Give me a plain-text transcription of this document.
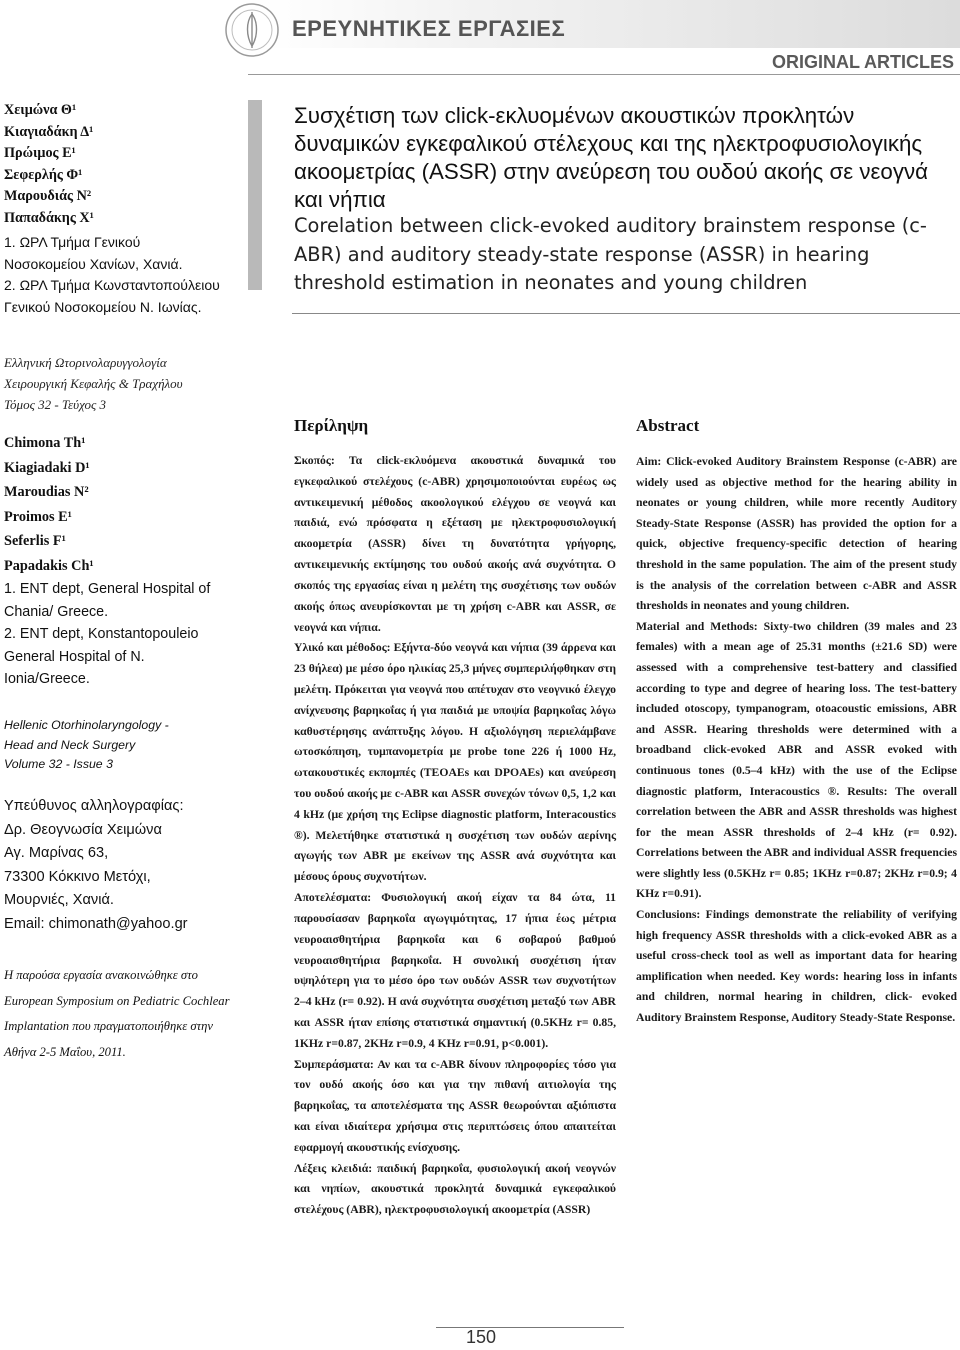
ΕΡΕΥΝΗΤΙΚΕΣ ΕΡΓΑΣΙΕΣ
ORIGINAL ARTICLES
Χειμώνα Θ¹
Κιαγιαδάκη Δ¹
Πρώιμος Ε¹
Σεφερλής Φ¹
Μαρουδιάς Ν²
Παπαδάκης Χ¹
1. ΩΡΛ Τμήμα Γενικού
Νοσοκομείου Χανίων, Χανιά.
2. ΩΡΛ Τμήμα Κωνσταντοπούλειου
Γενικού Νοσοκομείου Ν. Ιωνίας.
Ελληνική Ωτορινολαρυγγολογία
Χειρουργική Κεφαλής & Τραχήλου
Τόμος 32 - Τεύχος 3
Chimona Th¹
Kiagiadaki D¹
Maroudias N²
Proimos E¹
Seferlis F¹
Papadakis Ch¹
1. ENT dept, General Hospital of
Chania/ Greece.
2. ENT dept, Konstantopouleio
General Hospital of N.
Ionia/Greece.
Hellenic Otorhinolaryngology -
Head and Neck Surgery
Volume 32 - Issue 3
Υπεύθυνος αλληλογραφίας:
Δρ. Θεογνωσία Χειμώνα
Αγ. Μαρίνας 63,
73300 Κόκκινο Μετόχι,
Μουρνιές, Χανιά.
Email: chimonath@yahoo.gr
Η παρούσα εργασία ανακοινώθηκε στο
European Symposium on Pediatric Cochlear
Implantation που πραγματοποιήθηκε στην
Αθήνα 2-5 Μαΐου, 2011.
Συσχέτιση των click-εκλυομένων ακουστικών προκλητών δυναμικών εγκεφαλικού στέλεχους και της ηλεκτροφυσιολογικής ακοομετρίας (ASSR) στην ανεύρεση του ουδού ακοής σε νεογνά και νήπια
Corelation between click-evoked auditory brainstem response (c-ABR) and auditory steady-state response (ASSR) in hearing threshold estimation in neonates and young children
Περίληψη	Abstract

Σκοπός: Τα click-εκλυόμενα ακουστικά δυναμικά του εγκεφαλικού στελέχους (c-ABR) χρησιμοποιούνται ευρέως ως αντικειμενική μέθοδος ακοολογικού ελέγχου σε νεογνά και παιδιά, ενώ πρόσφατα η εξέταση με ηλεκτροφυσιολογική ακοομετρία (ASSR) δίνει τη δυνατότητα γρήγορης, αντικειμενικής εκτίμησης του ουδού ακοής ανά συχνότητα. Ο σκοπός της εργασίας είναι η μελέτη της συσχέτισης των ουδών ακοής όπως ανευρίσκονται με τη χρήση c-ABR και ASSR, σε νεογνά και νήπια.

Υλικό και μέθοδος: Εξήντα-δύο νεογνά και νήπια (39 άρρενα και 23 θήλεα) με μέσο όρο ηλικίας 25,3 μήνες συμπεριλήφθηκαν στη μελέτη. Πρόκειται για νεογνά που απέτυχαν στο νεογνικό έλεγχο ανίχνευσης βαρηκοΐας ή για παιδιά με υποψία βαρηκοΐας λόγω καθυστέρησης ανάπτυξης λόγου. Η αξιολόγηση περιελάμβανε ωτοσκόπηση, τυμπανομετρία με probe tone 226 ή 1000 Hz, ωτακουστικές εκπομπές (TEOAEs και DPOAEs) και ανεύρεση του ουδού ακοής με c-ABR και ASSR συνεχών τόνων 0,5, 1,2 και 4 kHz (με χρήση της Eclipse diagnostic platform, Interacoustics ®). Μελετήθηκε στατιστικά η συσχέτιση των ουδών αερίνης αγωγής των ABR με εκείνων της ASSR ανά συχνότητα και μέσους όρους συχνοτήτων.

Αποτελέσματα: Φυσιολογική ακοή είχαν τα 84 ώτα, 11 παρουσίασαν βαρηκοΐα αγωγιμότητας, 17 ήπια έως μέτρια νευροαισθητήρια βαρηκοΐα και 6 σοβαρού βαθμού νευροαισθητήρια βαρηκοΐα. Η συνολική συσχέτιση ήταν υψηλότερη για το μέσο όρο των ουδών ASSR των συχνοτήτων 2–4 kHz (r= 0.92). Η ανά συχνότητα συσχέτιση μεταξύ των ABR και ASSR ήταν επίσης στατιστικά σημαντική (0.5KHz r= 0.85, 1KHz r=0.87, 2KHz r=0.9, 4 KHz r=0.91, p<0.001).

Συμπεράσματα: Αν και τα c-ABR δίνουν πληροφορίες τόσο για τον ουδό ακοής όσο και για την πιθανή αιτιολογία της βαρηκοΐας, τα αποτελέσματα της ASSR θεωρούνται αξιόπιστα και είναι ιδιαίτερα χρήσιμα στις περιπτώσεις όπου απαιτείται εφαρμογή ακουστικής ενίσχυσης.

Λέξεις κλειδιά: παιδική βαρηκοΐα, φυσιολογική ακοή νεογνών και νηπίων, ακουστικά προκλητά δυναμικά εγκεφαλικού στελέχους (ABR), ηλεκτροφυσιολογική ακοομετρία (ASSR)

Aim: Click-evoked Auditory Brainstem Response (c-ABR) are widely used as objective method for the hearing ability in neonates or young children, while more recently Auditory Steady-State Response (ASSR) has provided the option for a quick, objective frequency-specific detection of hearing threshold in the same population. The aim of the present study is the analysis of the correlation between c-ABR and ASSR thresholds in neonates and young children.

Material and Methods: Sixty-two children (39 males and 23 females) with a mean age of 25.31 months (±21.6 SD) were assessed with a comprehensive test-battery and classified according to type and degree of hearing loss. The test-battery included otoscopy, tympanogram, otoacoustic emissions, ABR and ASSR. Hearing thresholds were determined with a broadband click-evoked ABR and ASSR evoked with continuous tones (0.5–4 kHz) with the use of the Eclipse diagnostic platform, Interacoustics ®. Results: The overall correlation between the ABR and ASSR thresholds was highest for the mean ASSR thresholds of 2–4 kHz (r= 0.92). Correlations between the ABR and individual ASSR frequencies were slightly less (0.5KHz r= 0.85; 1KHz r=0.87; 2KHz r=0.9; 4 KHz r=0.91).

Conclusions: Findings demonstrate the reliability of verifying high frequency ASSR thresholds with a click-evoked ABR as a useful cross-check tool as well as important data for hearing amplification when needed. Key words: hearing loss in infants and children, normal hearing in children, click- evoked Auditory Brainstem Response, Auditory Steady-State Response.

150
